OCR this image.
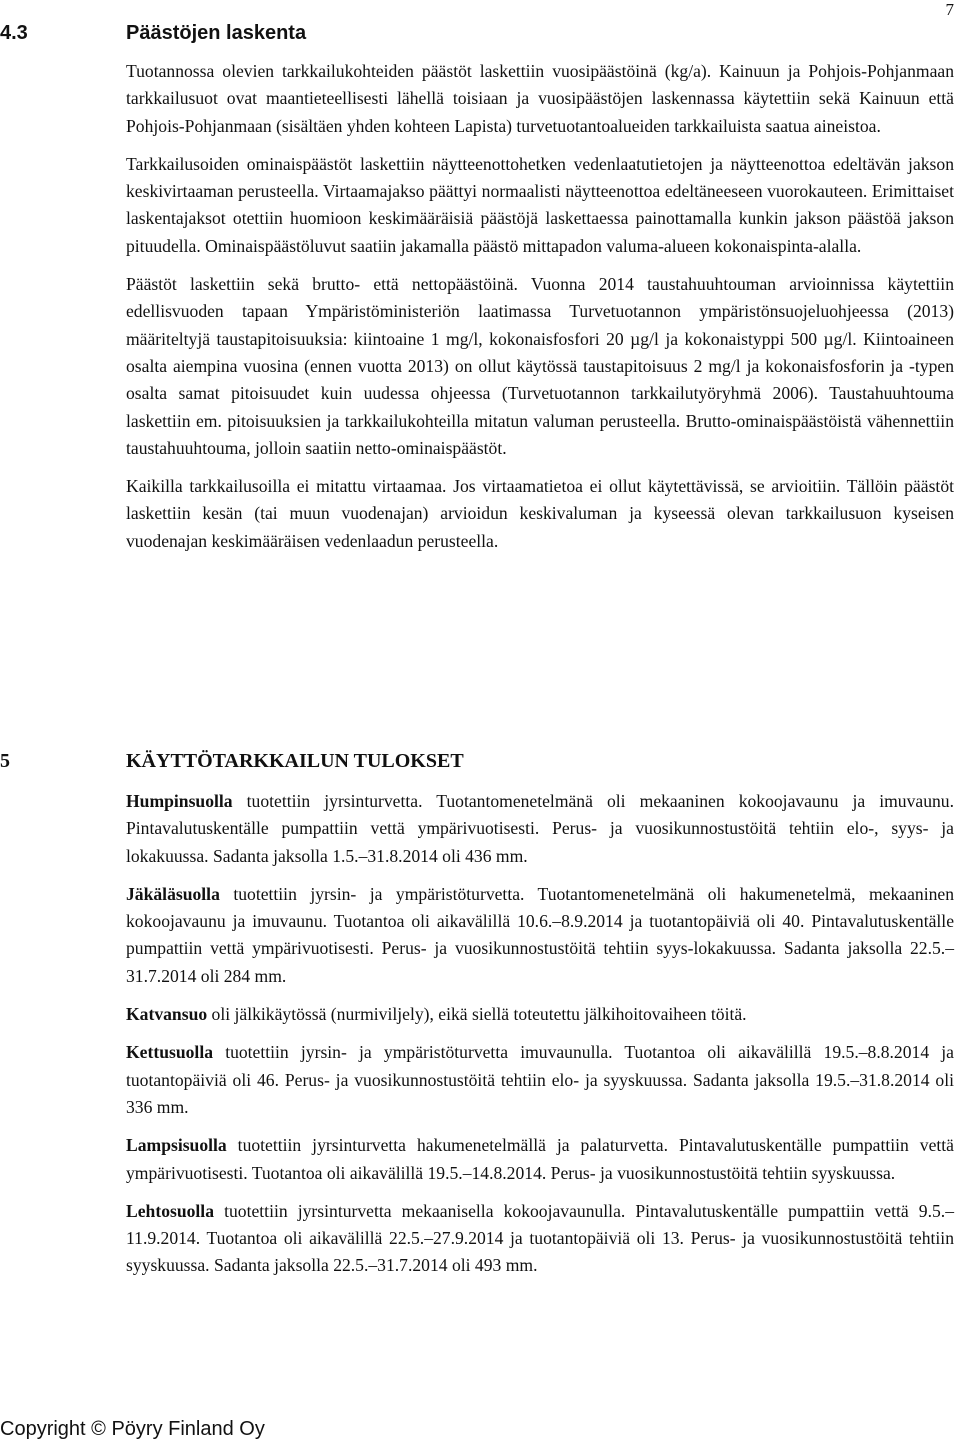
7
4.3	Päästöjen laskenta

Tuotannossa olevien tarkkailukohteiden päästöt laskettiin vuosipäästöinä (kg/a). Kainuun ja Pohjois-Pohjanmaan tarkkailusuot ovat maantieteellisesti lähellä toisiaan ja vuosipäästöjen laskennassa käytettiin sekä Kainuun että Pohjois-Pohjanmaan (sisältäen yhden kohteen Lapista) turvetuotantoalueiden tarkkailuista saatua aineistoa.

Tarkkailusoiden ominaispäästöt laskettiin näytteenottohetken vedenlaatutietojen ja näytteenottoa edeltävän jakson keskivirtaaman perusteella. Virtaamajakso päättyi normaalisti näytteenottoa edeltäneeseen vuorokauteen. Erimittaiset laskentajaksot otettiin huomioon keskimääräisiä päästöjä laskettaessa painottamalla kunkin jakson päästöä jakson pituudella. Ominaispäästöluvut saatiin jakamalla päästö mittapadon valuma-alueen kokonaispinta-alalla.

Päästöt laskettiin sekä brutto- että nettopäästöinä. Vuonna 2014 taustahuuhtouman arvioinnissa käytettiin edellisvuoden tapaan Ympäristöministeriön laatimassa Turvetuotannon ympäristönsuojeluohjeessa (2013) määriteltyjä taustapitoisuuksia: kiintoaine 1 mg/l, kokonaisfosfori 20 µg/l ja kokonaistyppi 500 µg/l. Kiintoaineen osalta aiempina vuosina (ennen vuotta 2013) on ollut käytössä taustapitoisuus 2 mg/l ja kokonaisfosforin ja -typen osalta samat pitoisuudet kuin uudessa ohjeessa (Turvetuotannon tarkkailutyöryhmä 2006). Taustahuuhtouma laskettiin em. pitoisuuksien ja tarkkailukohteilla mitatun valuman perusteella. Brutto-ominaispäästöistä vähennettiin taustahuuhtouma, jolloin saatiin netto-ominaispäästöt.

Kaikilla tarkkailusoilla ei mitattu virtaamaa. Jos virtaamatietoa ei ollut käytettävissä, se arvioitiin. Tällöin päästöt laskettiin kesän (tai muun vuodenajan) arvioidun keskivaluman ja kyseessä olevan tarkkailusuon kyseisen vuodenajan keskimääräisen vedenlaadun perusteella.

5	KÄYTTÖTARKKAILUN TULOKSET

Humpinsuolla tuotettiin jyrsinturvetta. Tuotantomenetelmänä oli mekaaninen kokoojavaunu ja imuvaunu. Pintavalutuskentälle pumpattiin vettä ympärivuotisesti. Perus- ja vuosikunnostustöitä tehtiin elo-, syys- ja lokakuussa. Sadanta jaksolla 1.5.–31.8.2014 oli 436 mm.

Jäkäläsuolla tuotettiin jyrsin- ja ympäristöturvetta. Tuotantomenetelmänä oli hakumenetelmä, mekaaninen kokoojavaunu ja imuvaunu. Tuotantoa oli aikavälillä 10.6.–8.9.2014 ja tuotantopäiviä oli 40. Pintavalutuskentälle pumpattiin vettä ympärivuotisesti. Perus- ja vuosikunnostustöitä tehtiin syys-lokakuussa. Sadanta jaksolla 22.5.–31.7.2014 oli 284 mm.

Katvansuo oli jälkikäytössä (nurmiviljely), eikä siellä toteutettu jälkihoitovaiheen töitä.

Kettusuolla tuotettiin jyrsin- ja ympäristöturvetta imuvaunulla. Tuotantoa oli aikavälillä 19.5.–8.8.2014 ja tuotantopäiviä oli 46. Perus- ja vuosikunnostustöitä tehtiin elo- ja syyskuussa. Sadanta jaksolla 19.5.–31.8.2014 oli 336 mm.

Lampsisuolla tuotettiin jyrsinturvetta hakumenetelmällä ja palaturvetta. Pintavalutuskentälle pumpattiin vettä ympärivuotisesti. Tuotantoa oli aikavälillä 19.5.–14.8.2014. Perus- ja vuosikunnostustöitä tehtiin syyskuussa.

Lehtosuolla tuotettiin jyrsinturvetta mekaanisella kokoojavaunulla. Pintavalutuskentälle pumpattiin vettä 9.5.–11.9.2014. Tuotantoa oli aikavälillä 22.5.–27.9.2014 ja tuotantopäiviä oli 13. Perus- ja vuosikunnostustöitä tehtiin syyskuussa. Sadanta jaksolla 22.5.–31.7.2014 oli 493 mm.

Copyright © Pöyry Finland Oy
